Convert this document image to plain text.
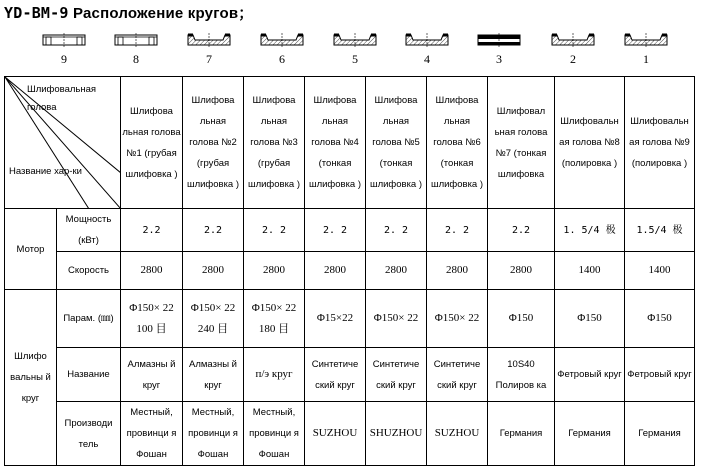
YD-BM-9 Расположение кругов；
9	8	7	6	5	4	3	2	1
Шлифовальная голова
Название хар-ки		Шлифова льная голова №1 (грубая шлифовка )	Шлифова льная голова №2 (грубая шлифовка )	Шлифова льная голова №3 (грубая шлифовка )	Шлифова льная голова №4 (тонкая шлифовка )	Шлифова льная голова №5 (тонкая шлифовка )	Шлифова льная голова №6 (тонкая шлифовка )	Шлифовал ьная голова №7 (тонкая шлифовка	Шлифовальн ая голова №8 (полировка )	Шлифовальн ая голова №9 (полировка )
Мотор	Мощность (кВт)	2.2	2.2	2. 2	2. 2	2. 2	2. 2	2.2	1. 5/4 极	1.5/4 极
	Скорость	2800	2800	2800	2800	2800	2800	2800	1400	1400
Шлифо вальны й круг	Парам. (㎜)	Φ150× 22 100 目	Φ150× 22 240 目	Φ150× 22 180 目	Φ15×22	Φ150× 22	Φ150× 22	Φ150	Φ150	Φ150
	Название	Алмазны й круг	Алмазны й круг	п/э круг	Синтетиче ский круг	Синтетиче ский круг	Синтетиче ский круг	10S40 Полиров ка	Фетровый круг	Фетровый круг
	Производи тель	Местный, провинци я Фошан	Местный, провинци я Фошан	Местный, провинци я Фошан	SUZHOU	SHUZHOU	SUZHOU	Германия	Германия	Германия
